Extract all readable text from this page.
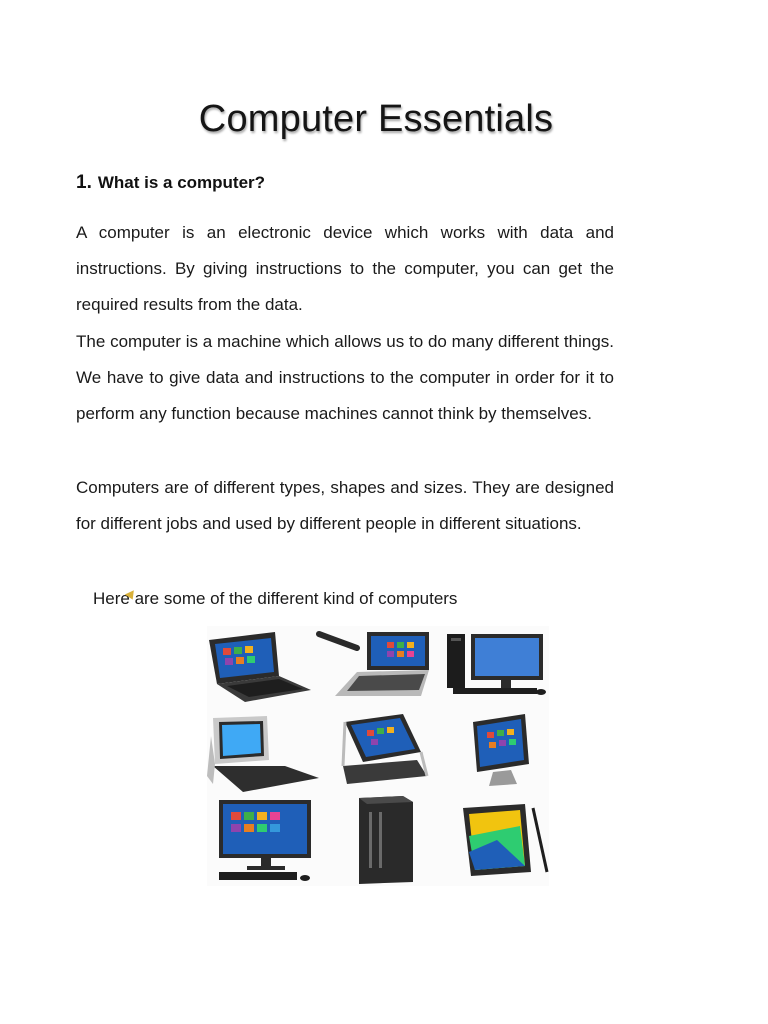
Computer Essentials
1. What is a computer?
A computer is an electronic device which works with data and instructions. By giving instructions to the computer, you can get the required results from the data.
The computer is a machine which allows us to do many different things. We have to give data and instructions to the computer in order for it to perform any function because machines cannot think by themselves.
Computers are of different types, shapes and sizes. They are designed for different jobs and used by different people in different situations.
Here are some of the different kind of computers
